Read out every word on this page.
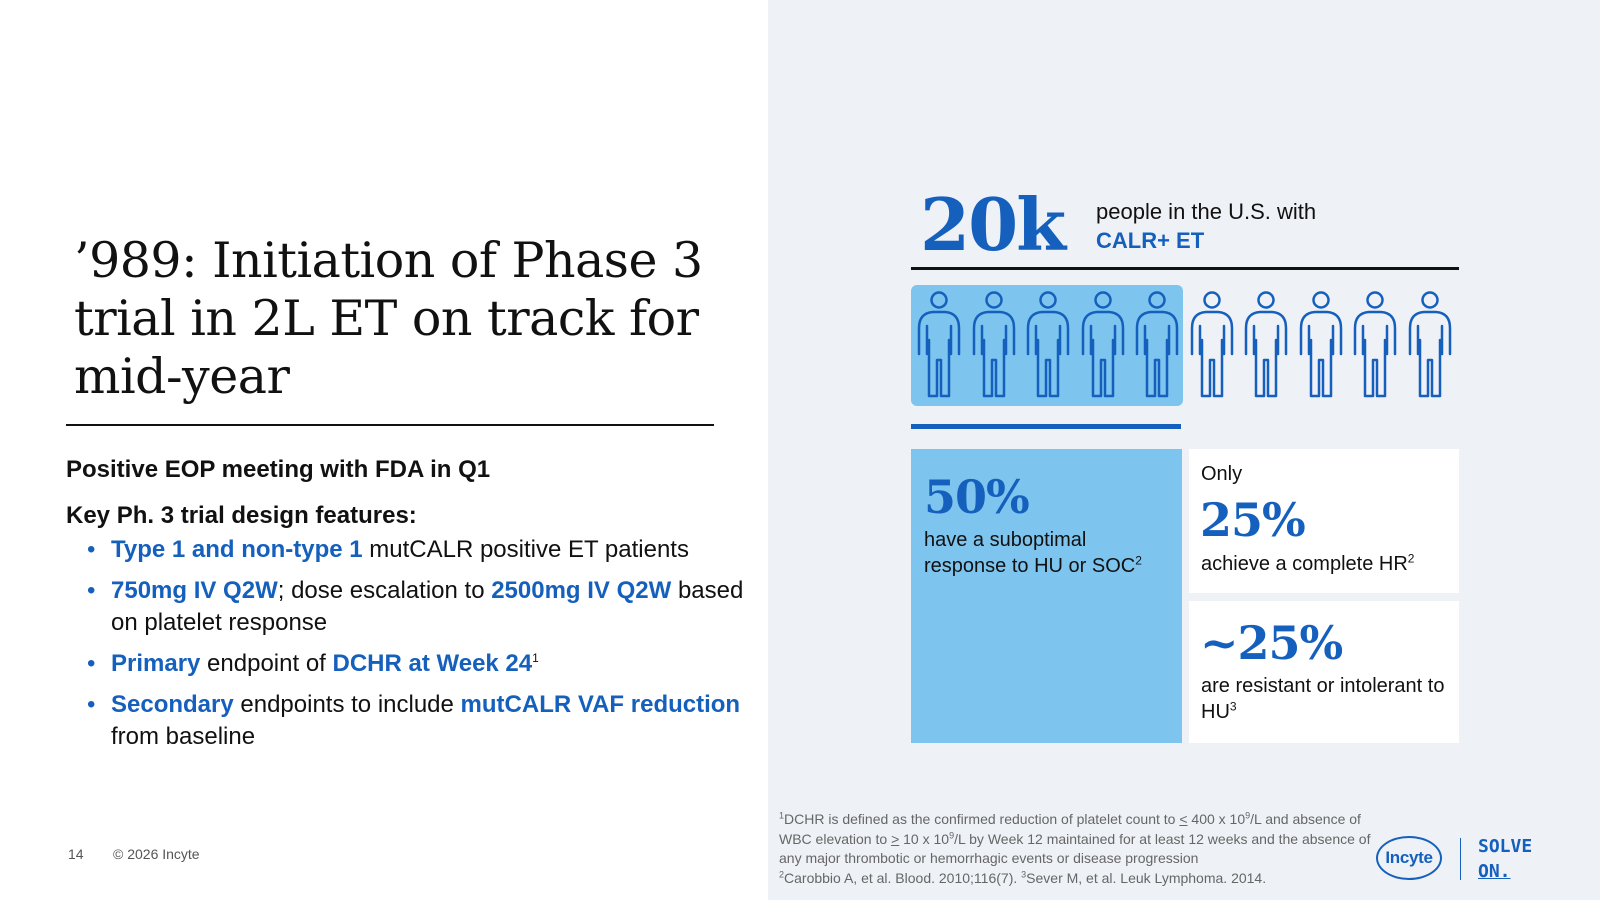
’989: Initiation of Phase 3 trial in 2L ET on track for mid-year
Positive EOP meeting with FDA in Q1
Key Ph. 3 trial design features:
• Type 1 and non-type 1 mutCALR positive ET patients
• 750mg IV Q2W; dose escalation to 2500mg IV Q2W based on platelet response
• Primary endpoint of DCHR at Week $24^1$
• Secondary endpoints to include mutCALR VAF reduction from baseline
14 © 2026 Incyte
20k people in the U.S. with
CALR+ ET
50%
have a suboptimal response to HU or SOC$^2$
Only
25%
achieve a complete $HR^2$
~25%
are resistant or intolerant to $HU^3$

$^1$DCHR is defined as the confirmed reduction of platelet count to < 400 x $10^9/L$ and absence of WBC elevation to > 10 x $10^9/L$ by Week 12 maintained for at least 12 weeks and the absence of any major thrombotic or hemorrhagic events or disease progression

$^2$Carobbio A, et al. Blood. 2010;116(7). $^3$Sever M, et al. Leuk Lymphoma. 2014.

Incyte
SOLVE
ON.
